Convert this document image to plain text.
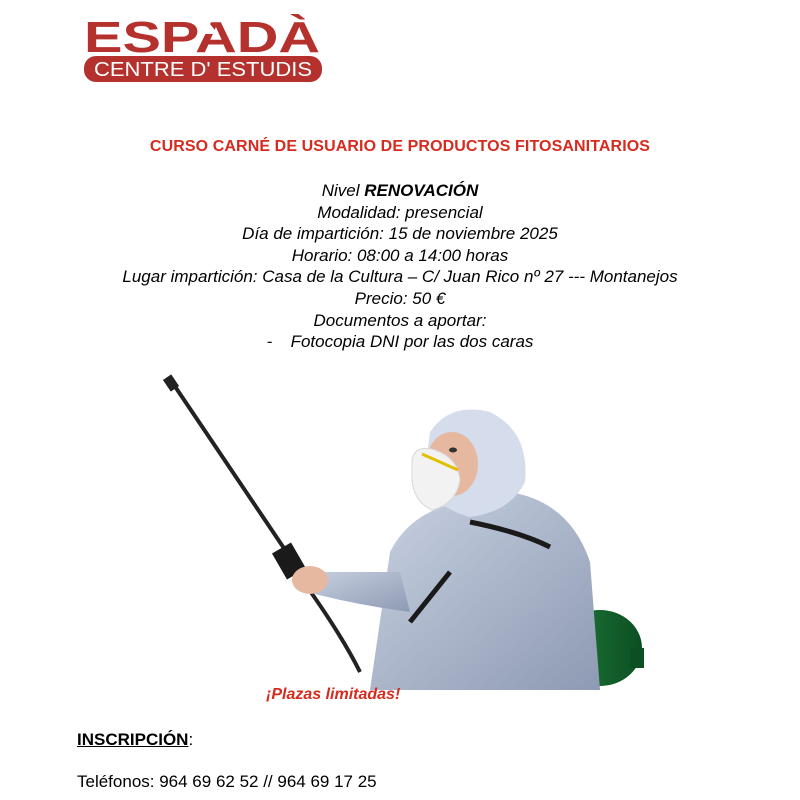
ESPADÀ
CENTRE D' ESTUDIS
CURSO CARNÉ DE USUARIO DE PRODUCTOS FITOSANITARIOS
Nivel RENOVACIÓN
Modalidad: presencial
Día de impartición: 15 de noviembre 2025
Horario: 08:00 a 14:00 horas
Lugar impartición: Casa de la Cultura – C/ Juan Rico nº 27 --- Montanejos
Precio: 50 €
Documentos a aportar:
- Fotocopia DNI por las dos caras
¡Plazas limitadas!
INSCRIPCIÓN:
Teléfonos: 964 69 62 52 // 964 69 17 25
